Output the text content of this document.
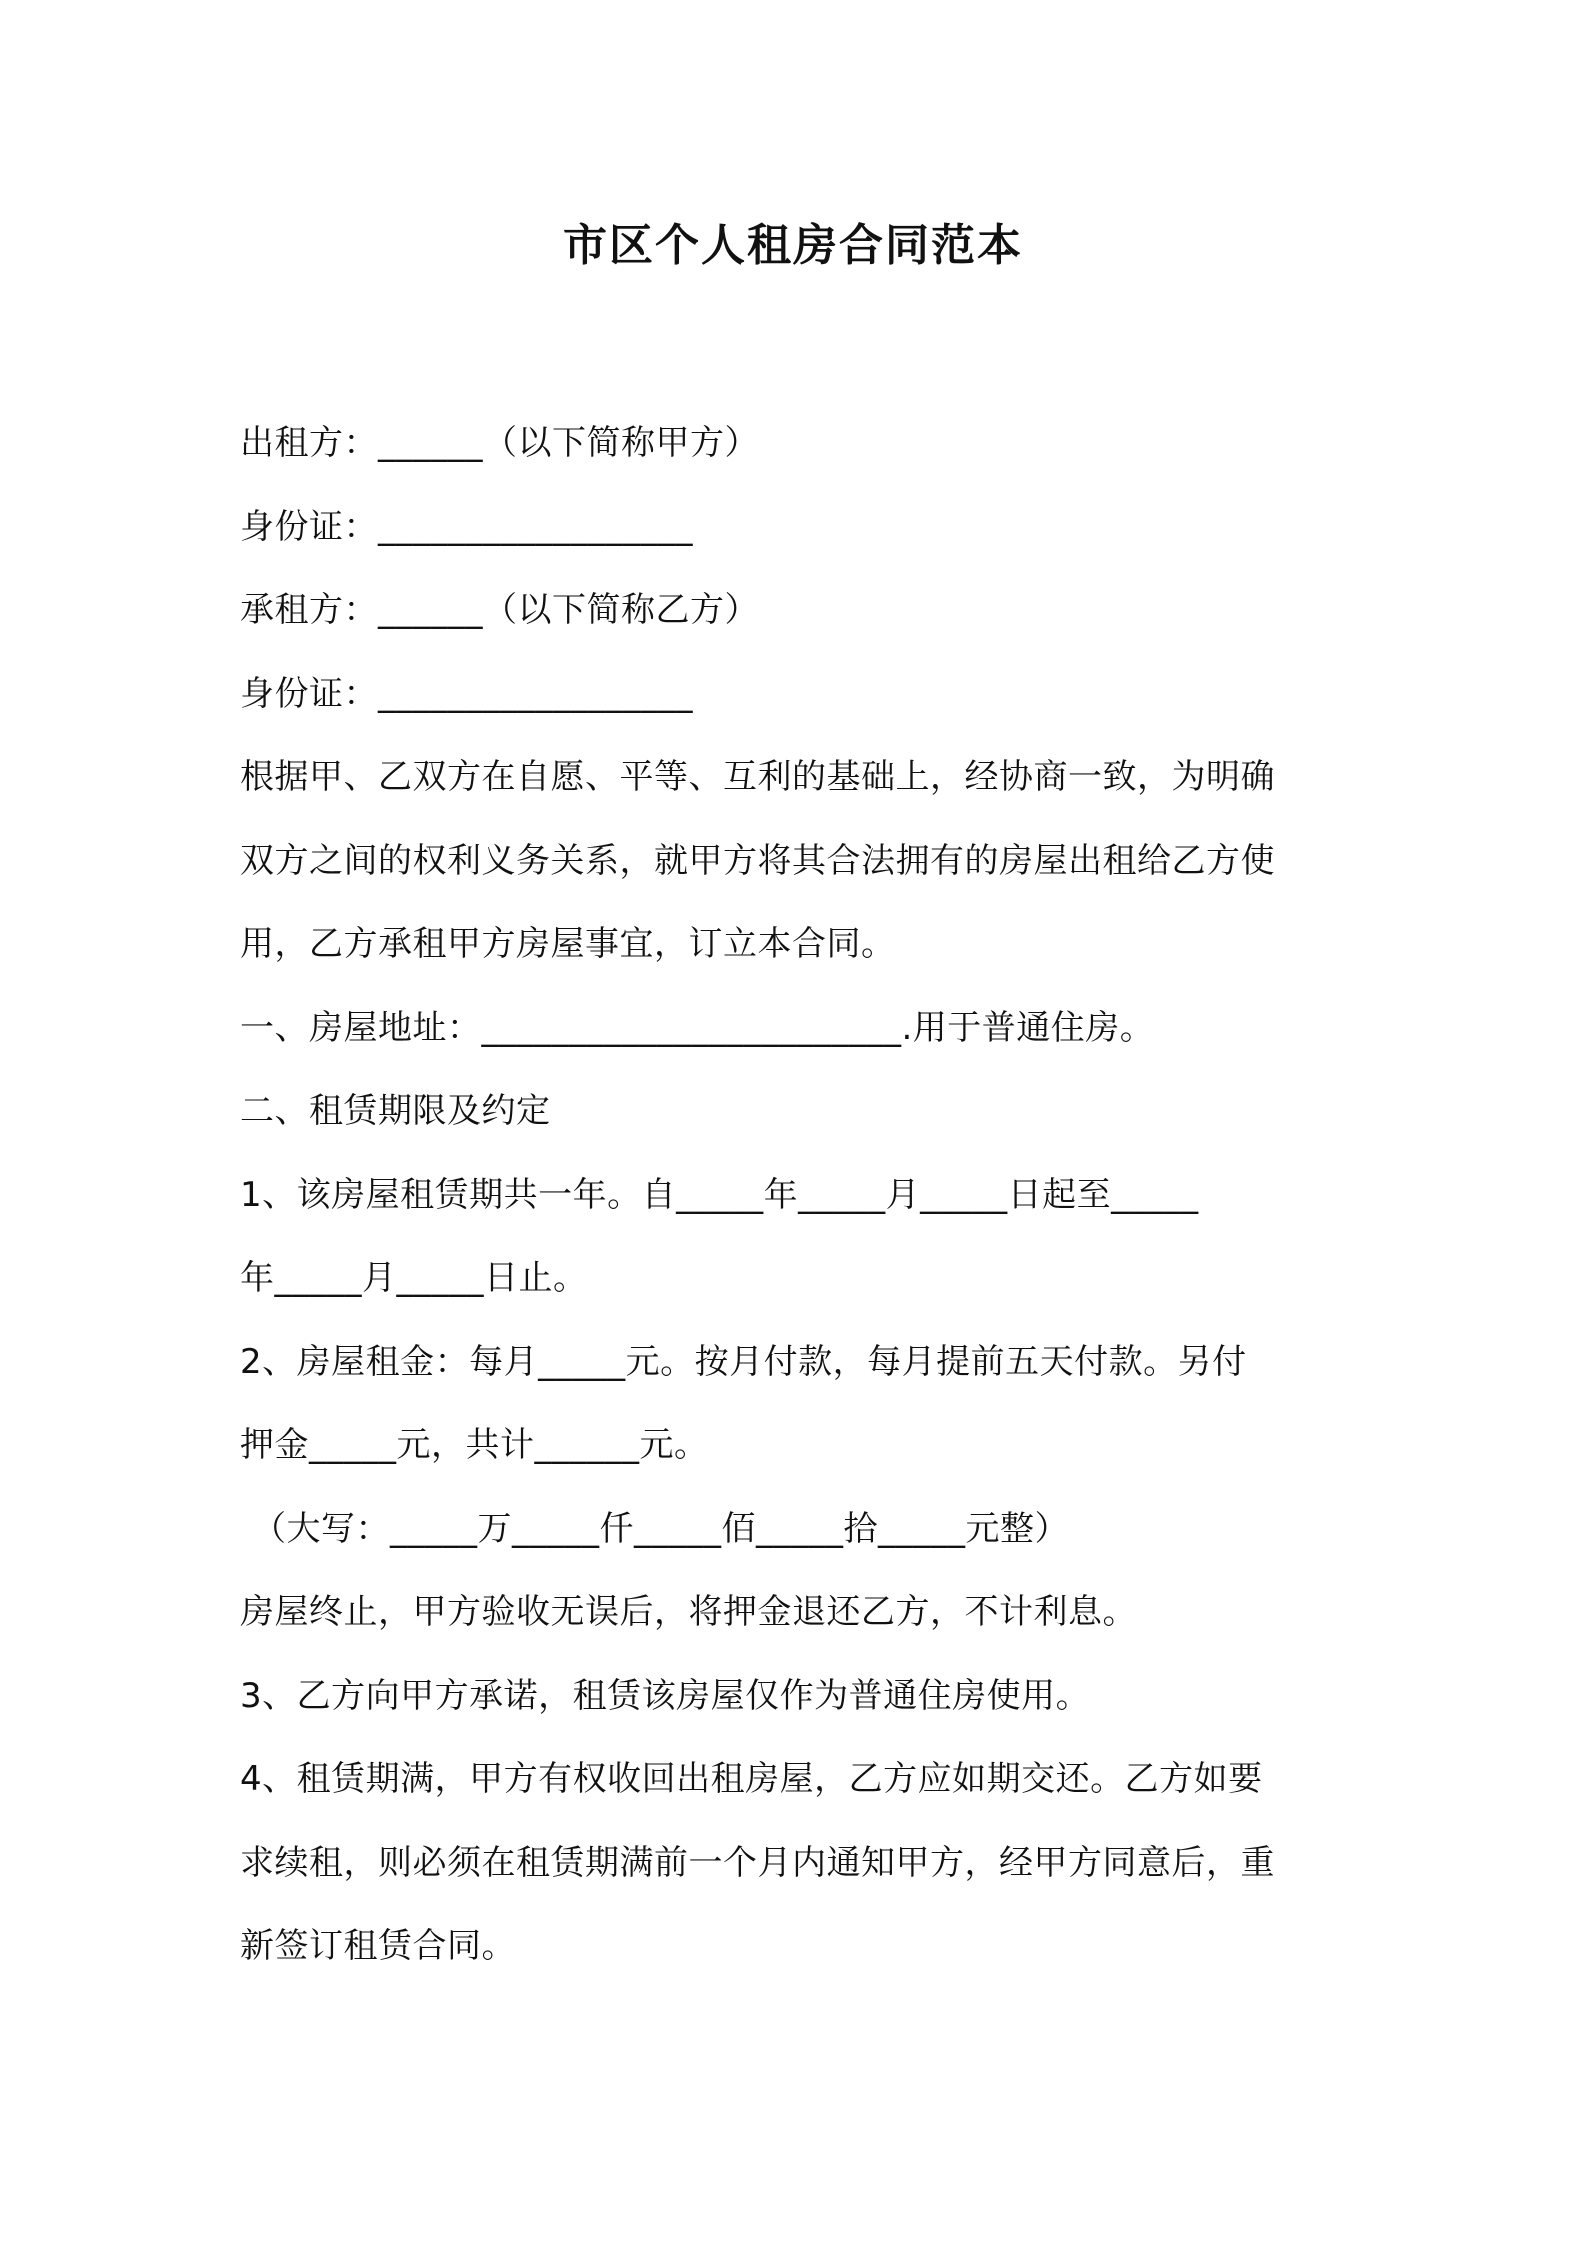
市区个人租房合同范本
出租方：______（以下简称甲方）
身份证：__________________
承租方：______（以下简称乙方）
身份证：__________________
根据甲、乙双方在自愿、平等、互利的基础上，经协商一致，为明确
双方之间的权利义务关系，就甲方将其合法拥有的房屋出租给乙方使
用，乙方承租甲方房屋事宜，订立本合同。
一、房屋地址：________________________.用于普通住房。
二、租赁期限及约定
1、该房屋租赁期共一年。自_____年_____月_____日起至_____
年_____月_____日止。
2、房屋租金：每月_____元。按月付款，每月提前五天付款。另付
押金_____元，共计______元。
（大写：_____万_____仟_____佰_____拾_____元整）
房屋终止，甲方验收无误后，将押金退还乙方，不计利息。
3、乙方向甲方承诺，租赁该房屋仅作为普通住房使用。
4、租赁期满，甲方有权收回出租房屋，乙方应如期交还。乙方如要
求续租，则必须在租赁期满前一个月内通知甲方，经甲方同意后，重
新签订租赁合同。
